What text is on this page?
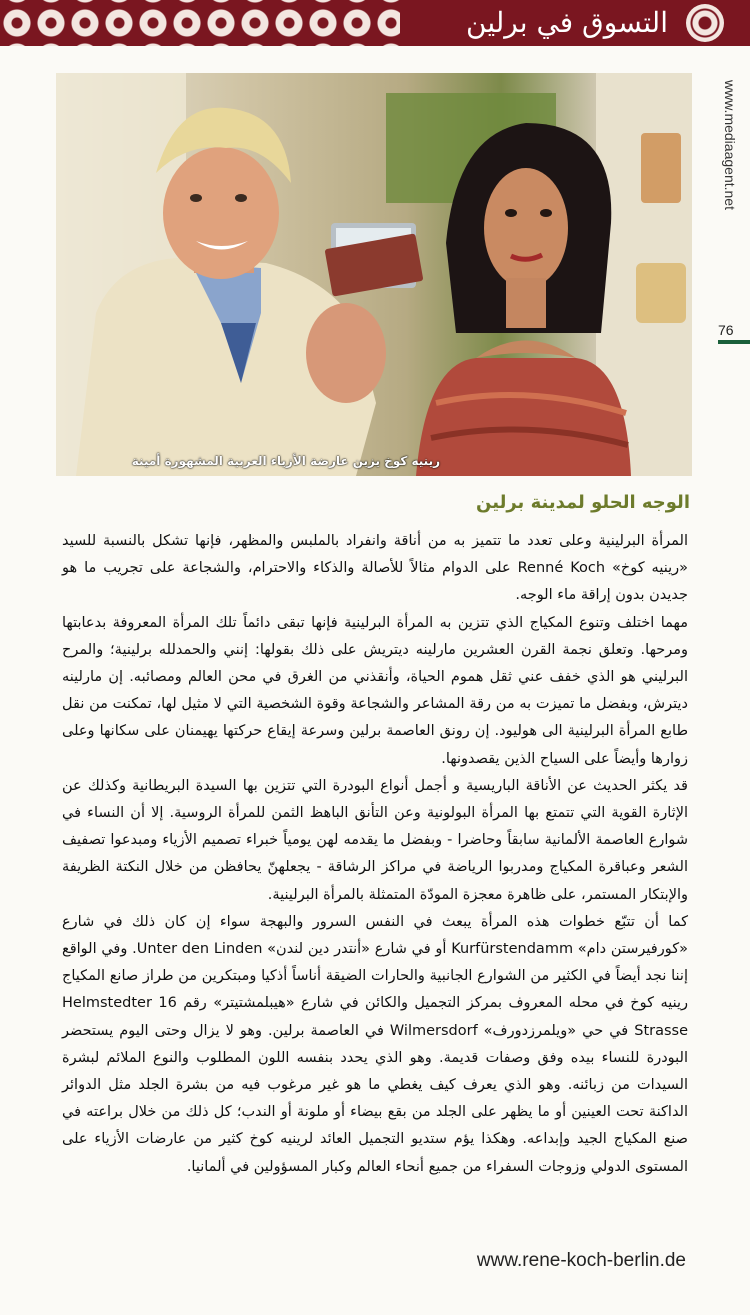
التسوق في برلين
رينيه كوخ يزين عارضة الأزياء العربية المشهورة أمينة
www.mediaagent.net
76
الوجه الحلو لمدينة برلين

المرأة البرلينية وعلى تعدد ما تتميز به من أناقة وانفراد بالملبس والمظهر، فإنها تشكل بالنسبة للسيد «رينيه كوخ» Renné Koch على الدوام مثالاً للأصالة والذكاء والاحترام، والشجاعة على تجريب ما هو جديدن بدون إراقة ماء الوجه.

مهما اختلف وتنوع المكياج الذي تتزين به المرأة البرلينية فإنها تبقى دائماً تلك المرأة المعروفة بدعابتها ومرحها. وتعلق نجمة القرن العشرين مارلينه ديتريش على ذلك بقولها: إنني والحمدلله برلينية؛ والمرح البرليني هو الذي خفف عني ثقل هموم الحياة، وأنقذني من الغرق في محن العالم ومصائبه. إن مارلينه ديترش، وبفضل ما تميزت به من رقة المشاعر والشجاعة وقوة الشخصية التي لا مثيل لها، تمكنت من نقل طابع المرأة البرلينية الى هوليود. إن رونق العاصمة برلين وسرعة إيقاع حركتها يهيمنان على سكانها وعلى زوارها وأيضاً على السياح الذين يقصدونها.

قد يكثر الحديث عن الأناقة الباريسية و أجمل أنواع البودرة التي تتزين بها السيدة البريطانية وكذلك عن الإثارة القوية التي تتمتع بها المرأة البولونية وعن التأنق الباهظ الثمن للمرأة الروسية. إلا أن النساء في شوارع العاصمة الألمانية سابقاً وحاضرا - وبفضل ما يقدمه لهن يومياً خبراء تصميم الأزياء ومبدعوا تصفيف الشعر وعباقرة المكياج ومدربوا الرياضة في مراكز الرشاقة - يجعلهنّ يحافظن من خلال النكتة الظريفة والإبتكار المستمر، على ظاهرة معجزة المودّة المتمثلة بالمرأة البرلينية.

كما أن تتبّع خطوات هذه المرأة يبعث في النفس السرور والبهجة سواء إن كان ذلك في شارع «كورفيرستن دام» Kurfürstendamm أو في شارع «أنتدر دين لندن» Unter den Linden. وفي الواقع إننا نجد أيضاً في الكثير من الشوارع الجانبية والحارات الضيقة أناساً أذكيا ومبتكرين من طراز صانع المكياج رينيه كوخ في محله المعروف بمركز التجميل والكائن في شارع «هيبلمشتيتر» رقم 16 Helmstedter Strasse في حي «ويلمرزدورف» Wilmersdorf في العاصمة برلين. وهو لا يزال وحتى اليوم يستحضر البودرة للنساء بيده وفق وصفات قديمة. وهو الذي يحدد بنفسه اللون المطلوب والنوع الملائم لبشرة السيدات من زبائنه. وهو الذي يعرف كيف يغطي ما هو غير مرغوب فيه من بشرة الجلد مثل الدوائر الداكنة تحت العينين أو ما يظهر على الجلد من بقع بيضاء أو ملونة أو الندب؛ كل ذلك من خلال براعته في صنع المكياج الجيد وإبداعه. وهكذا يؤم ستديو التجميل العائد لرينيه كوخ كثير من عارضات الأزياء على المستوى الدولي وزوجات السفراء من جميع أنحاء العالم وكبار المسؤولين في ألمانيا.

www.rene-koch-berlin.de
